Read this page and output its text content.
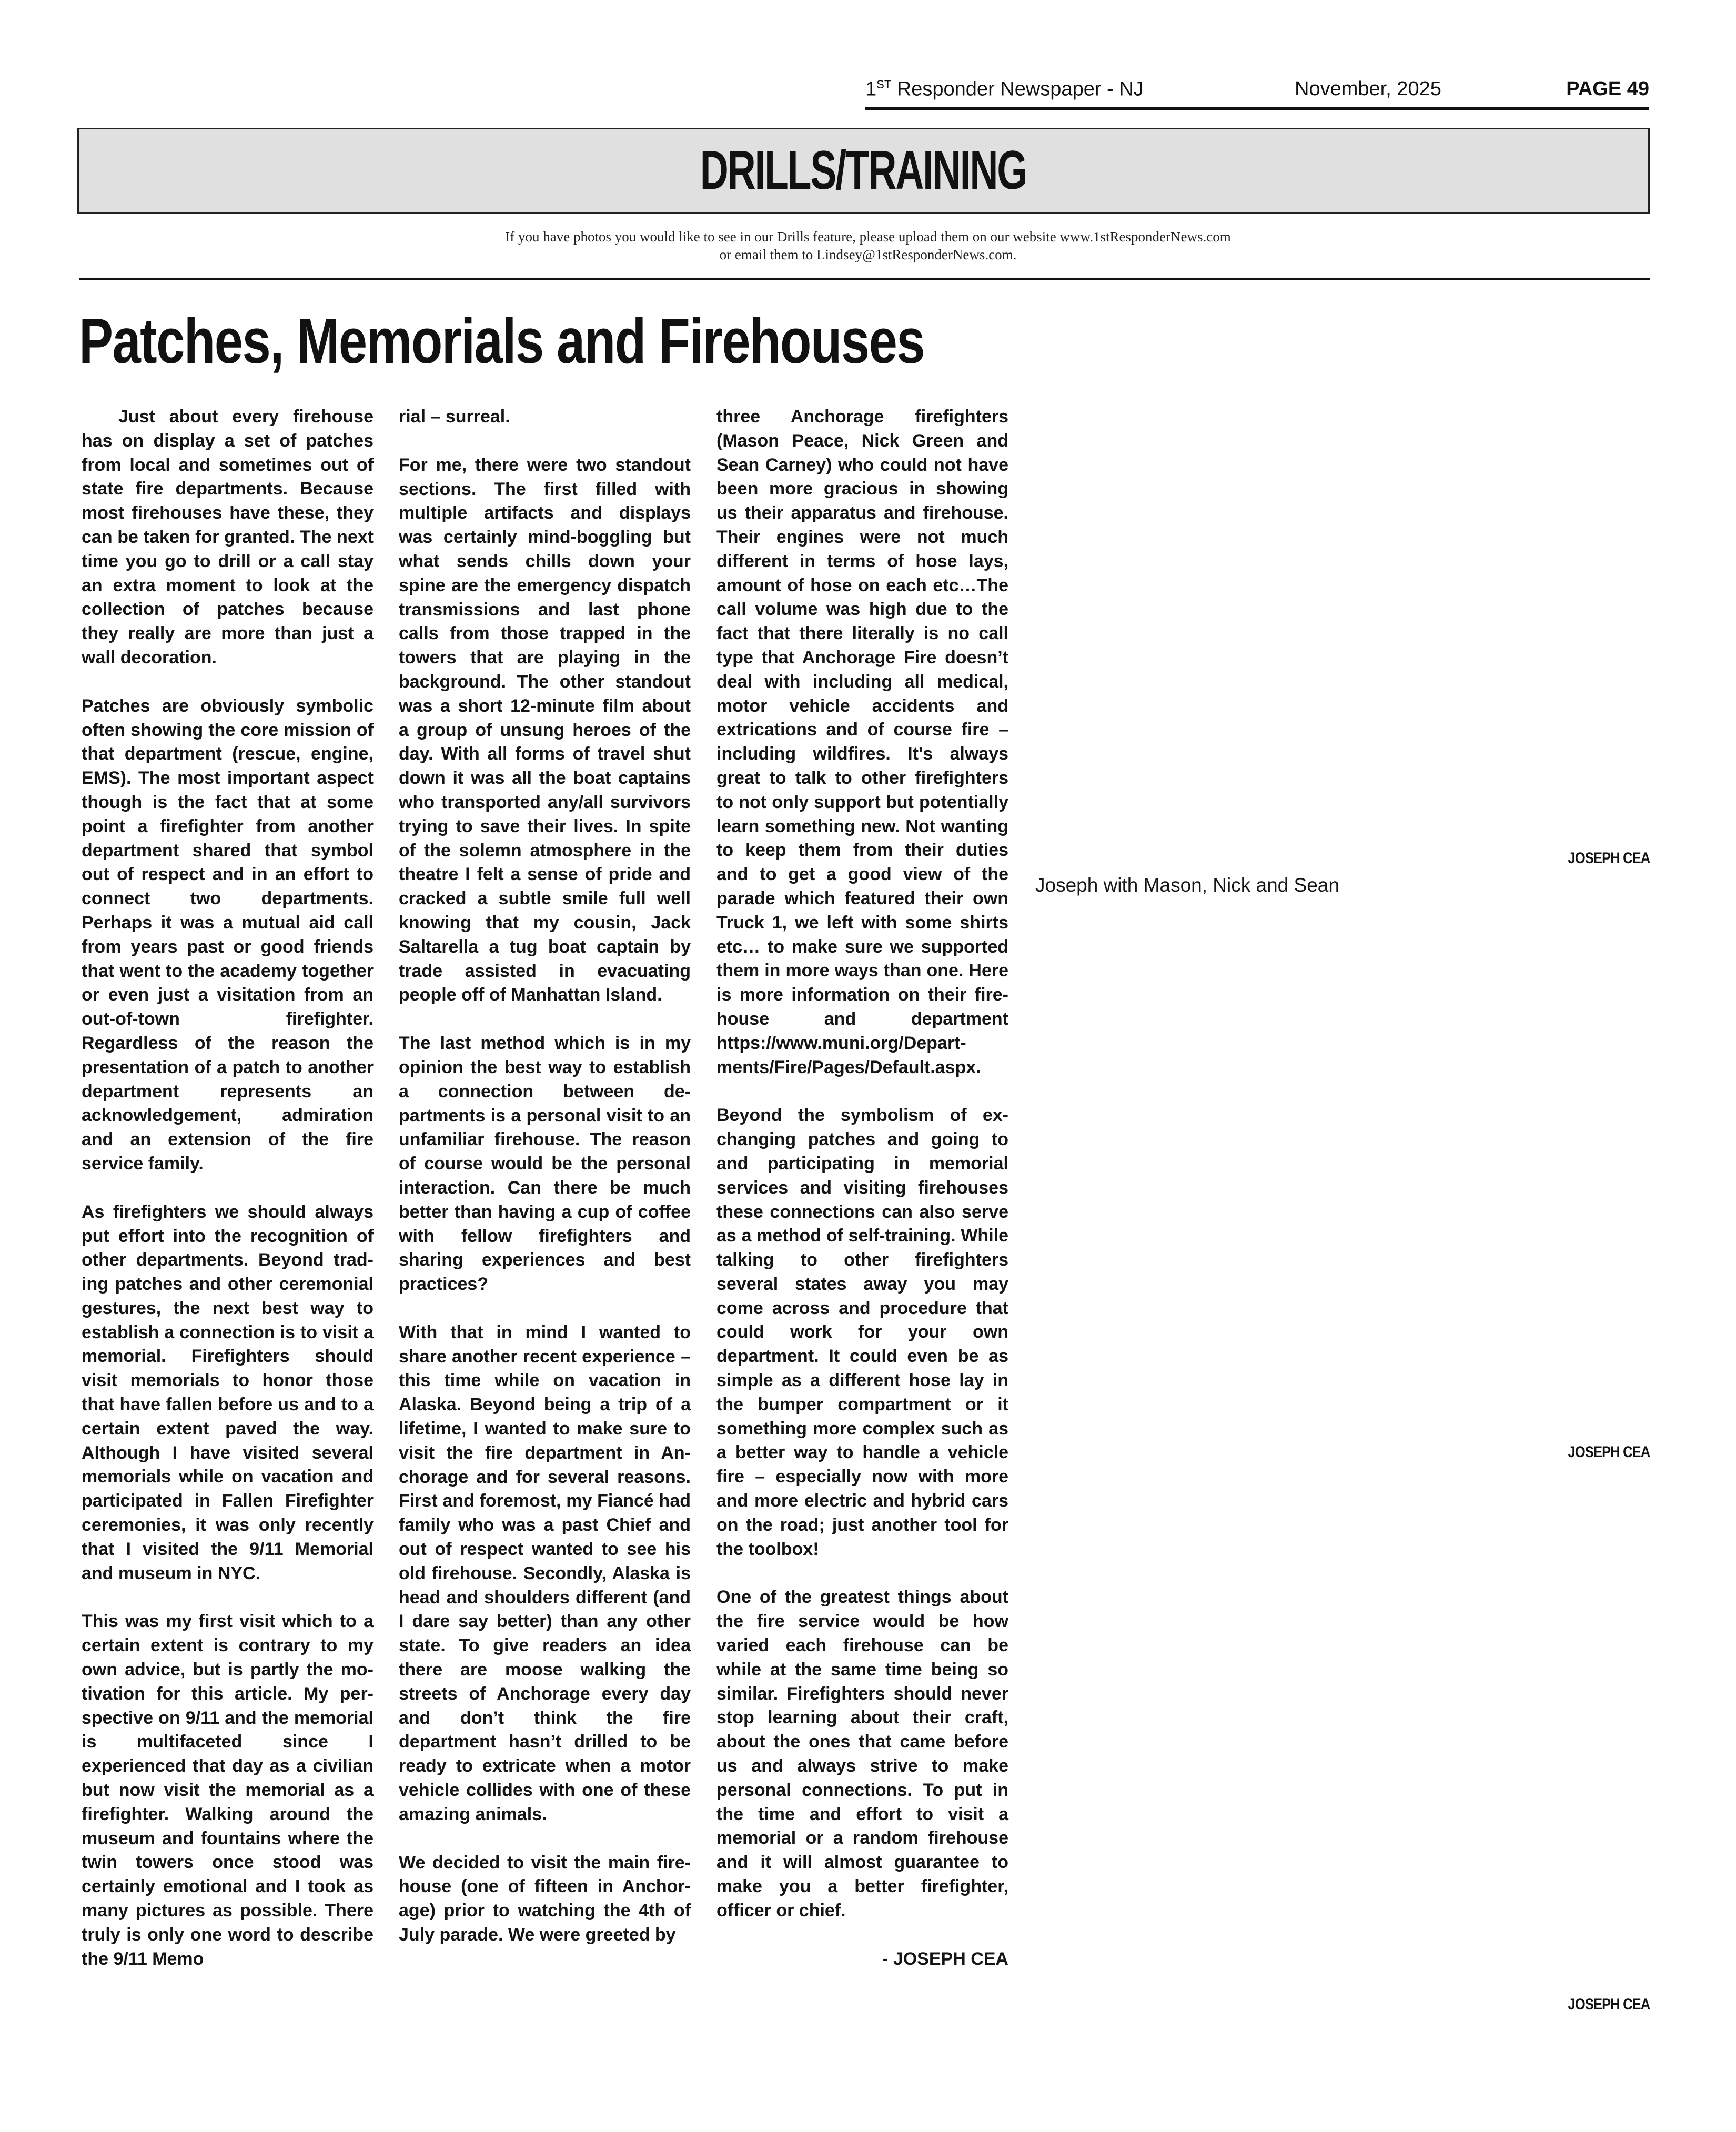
1ST Responder Newspaper - NJ	November, 2025	PAGE 49
DRILLS/TRAINING
If you have photos you would like to see in our Drills feature, please upload them on our website www.1stResponderNews.com
or email them to Lindsey@1stResponderNews.com.
Patches, Memorials and Firehouses

Just about every firehouse has on display a set of patches from local and sometimes out of state fire departments. Because most firehouses have these, they can be taken for granted. The next time you go to drill or a call stay an extra moment to look at the collection of patches because they really are more than just a wall decoration.

Patches are obviously symbolic often showing the core mission of that department (rescue, engine, EMS). The most important aspect though is the fact that at some point a firefighter from another department shared that symbol out of respect and in an effort to connect two departments. Perhaps it was a mutual aid call from years past or good friends that went to the academy together or even just a visitation from an out-of-town firefighter. Regardless of the reason the presentation of a patch to another department represents an acknowledgement, admiration and an extension of the fire service family.

As firefighters we should always put effort into the recognition of other departments. Beyond trading patches and other ceremonial gestures, the next best way to establish a connection is to visit a memorial. Firefighters should visit memorials to honor those that have fallen before us and to a certain extent paved the way. Although I have visited several memorials while on vacation and participated in Fallen Firefighter ceremonies, it was only recently that I visited the 9/11 Memorial and museum in NYC.

This was my first visit which to a certain extent is contrary to my own advice, but is partly the motivation for this article. My perspective on 9/11 and the memorial is multifaceted since I experienced that day as a civilian but now visit the memorial as a firefighter. Walking around the museum and fountains where the twin towers once stood was certainly emotional and I took as many pictures as possible. There truly is only one word to describe the 9/11 Memo

rial – surreal.

For me, there were two standout sections. The first filled with multiple artifacts and displays was certainly mind-boggling but what sends chills down your spine are the emergency dispatch transmissions and last phone calls from those trapped in the towers that are playing in the background. The other standout was a short 12-minute film about a group of unsung heroes of the day. With all forms of travel shut down it was all the boat captains who transported any/all survivors trying to save their lives. In spite of the solemn atmosphere in the theatre I felt a sense of pride and cracked a subtle smile full well knowing that my cousin, Jack Saltarella a tug boat captain by trade assisted in evacuating people off of Manhattan Island.

The last method which is in my opinion the best way to establish a connection between departments is a personal visit to an unfamiliar firehouse. The reason of course would be the personal interaction. Can there be much better than having a cup of coffee with fellow firefighters and sharing experiences and best practices?

With that in mind I wanted to share another recent experience – this time while on vacation in Alaska. Beyond being a trip of a lifetime, I wanted to make sure to visit the fire department in Anchorage and for several reasons. First and foremost, my Fiancé had family who was a past Chief and out of respect wanted to see his old firehouse. Secondly, Alaska is head and shoulders different (and I dare say better) than any other state. To give readers an idea there are moose walking the streets of Anchorage every day and don’t think the fire department hasn’t drilled to be ready to extricate when a motor vehicle collides with one of these amazing animals.

We decided to visit the main firehouse (one of fifteen in Anchorage) prior to watching the 4th of July parade. We were greeted by

three Anchorage firefighters (Mason Peace, Nick Green and Sean Carney) who could not have been more gracious in showing us their apparatus and firehouse. Their engines were not much different in terms of hose lays, amount of hose on each etc…The call volume was high due to the fact that there literally is no call type that Anchorage Fire doesn’t deal with including all medical, motor vehicle accidents and extrications and of course fire – including wildfires. It's always great to talk to other firefighters to not only support but potentially learn something new. Not wanting to keep them from their duties and to get a good view of the parade which featured their own Truck 1, we left with some shirts etc… to make sure we supported them in more ways than one. Here is more information on their firehouse and department https://www.muni.org/Departments/Fire/Pages/Default.aspx.

Beyond the symbolism of exchanging patches and going to and participating in memorial services and visiting firehouses these connections can also serve as a method of self-training. While talking to other firefighters several states away you may come across and procedure that could work for your own department. It could even be as simple as a different hose lay in the bumper compartment or it something more complex such as a better way to handle a vehicle fire – especially now with more and more electric and hybrid cars on the road; just another tool for the toolbox!

One of the greatest things about the fire service would be how varied each firehouse can be while at the same time being so similar. Firefighters should never stop learning about their craft, about the ones that came before us and always strive to make personal connections. To put in the time and effort to visit a memorial or a random firehouse and it will almost guarantee to make you a better firefighter, officer or chief.

- JOSEPH CEA

JOSEPH CEA
Joseph with Mason, Nick and Sean
JOSEPH CEA
JOSEPH CEA
